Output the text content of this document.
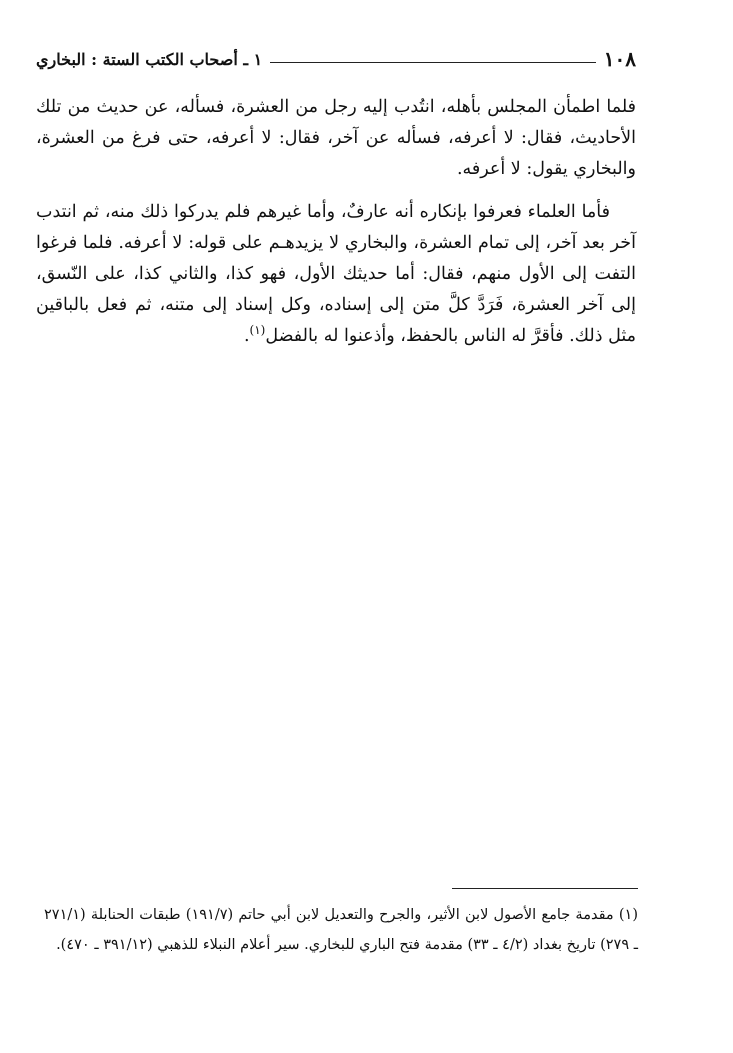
١٠٨
١ ـ أصحاب الكتب الستة : البخاري

فلما اطمأن المجلس بأهله، انتُدب إليه رجل من العشرة، فسأله، عن حديث من تلك الأحاديث، فقال: لا أعرفه، فسأله عن آخر، فقال: لا أعرفه، حتى فرغ من العشرة، والبخاري يقول: لا أعرفه.

فأما العلماء فعرفوا بإنكاره أنه عارفٌ، وأما غيرهم فلم يدركوا ذلك منه، ثم انتدب آخر بعد آخر، إلى تمام العشرة، والبخاري لا يزيدهـم على قوله: لا أعرفه. فلما فرغوا التفت إلى الأول منهم، فقال: أما حديثك الأول، فهو كذا، والثاني كذا، على النّسق، إلى آخر العشرة، فَرَدَّ كلَّ متن إلى إسناده، وكل إسناد إلى متنه، ثم فعل بالباقين مثل ذلك. فأقرَّ له الناس بالحفظ، وأذعنوا له بالفضل$^{(١)}$.

(١) مقدمة جامع الأصول لابن الأثير، والجرح والتعديل لابن أبي حاتم (١٩١/٧) طبقات الحنابلة (٢٧١/١ ـ ٢٧٩) تاريخ بغداد (٤/٢ ـ ٣٣) مقدمة فتح الباري للبخاري. سير أعلام النبلاء للذهبي (٣٩١/١٢ ـ ٤٧٠).
